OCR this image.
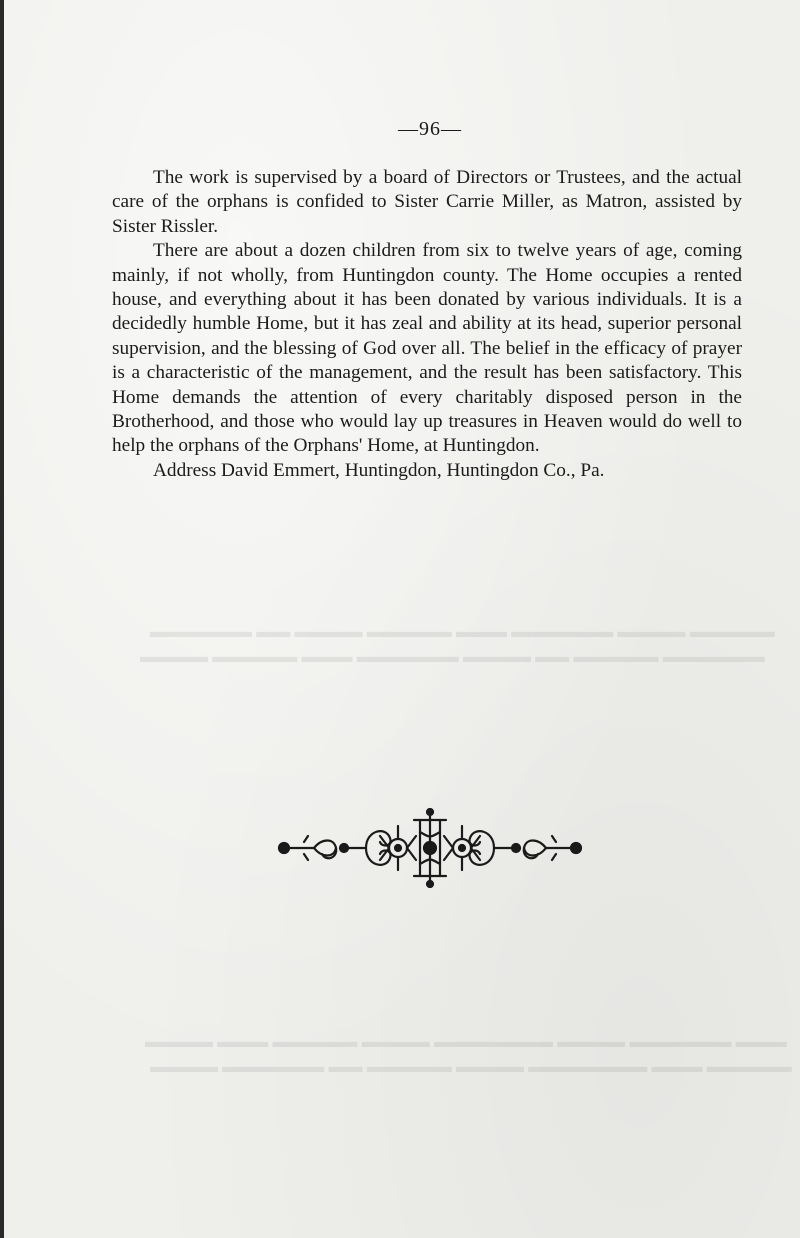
▬▬▬▬▬ ▬▬▬▬ ▬▬▬▬▬▬ ▬▬▬ ▬▬▬▬▬ ▬▬▬▬ ▬▬ ▬▬▬▬▬▬
▬▬▬▬▬▬ ▬▬▬▬▬ ▬▬ ▬▬▬▬ ▬▬▬▬▬▬ ▬▬▬ ▬▬▬▬▬ ▬▬▬▬
▬▬▬ ▬▬▬▬▬▬ ▬▬▬▬ ▬▬▬▬▬▬▬ ▬▬▬▬ ▬▬▬▬▬ ▬▬▬ ▬▬▬▬
▬▬▬▬▬ ▬▬▬ ▬▬▬▬▬▬▬ ▬▬▬▬ ▬▬▬▬▬ ▬▬ ▬▬▬▬▬▬ ▬▬▬▬
—96—

The work is supervised by a board of Directors or Trustees, and the actual care of the orphans is confided to Sister Carrie Miller, as Matron, assisted by Sister Rissler.

There are about a dozen children from six to twelve years of age, coming mainly, if not wholly, from Huntingdon county. The Home occupies a rented house, and everything about it has been donated by various individuals. It is a decidedly humble Home, but it has zeal and ability at its head, superior personal supervision, and the blessing of God over all. The belief in the efficacy of prayer is a characteristic of the management, and the result has been satisfactory. This Home demands the attention of every charitably disposed person in the Brotherhood, and those who would lay up treasures in Heaven would do well to help the orphans of the Orphans' Home, at Huntingdon.

Address David Emmert, Huntingdon, Huntingdon Co., Pa.
